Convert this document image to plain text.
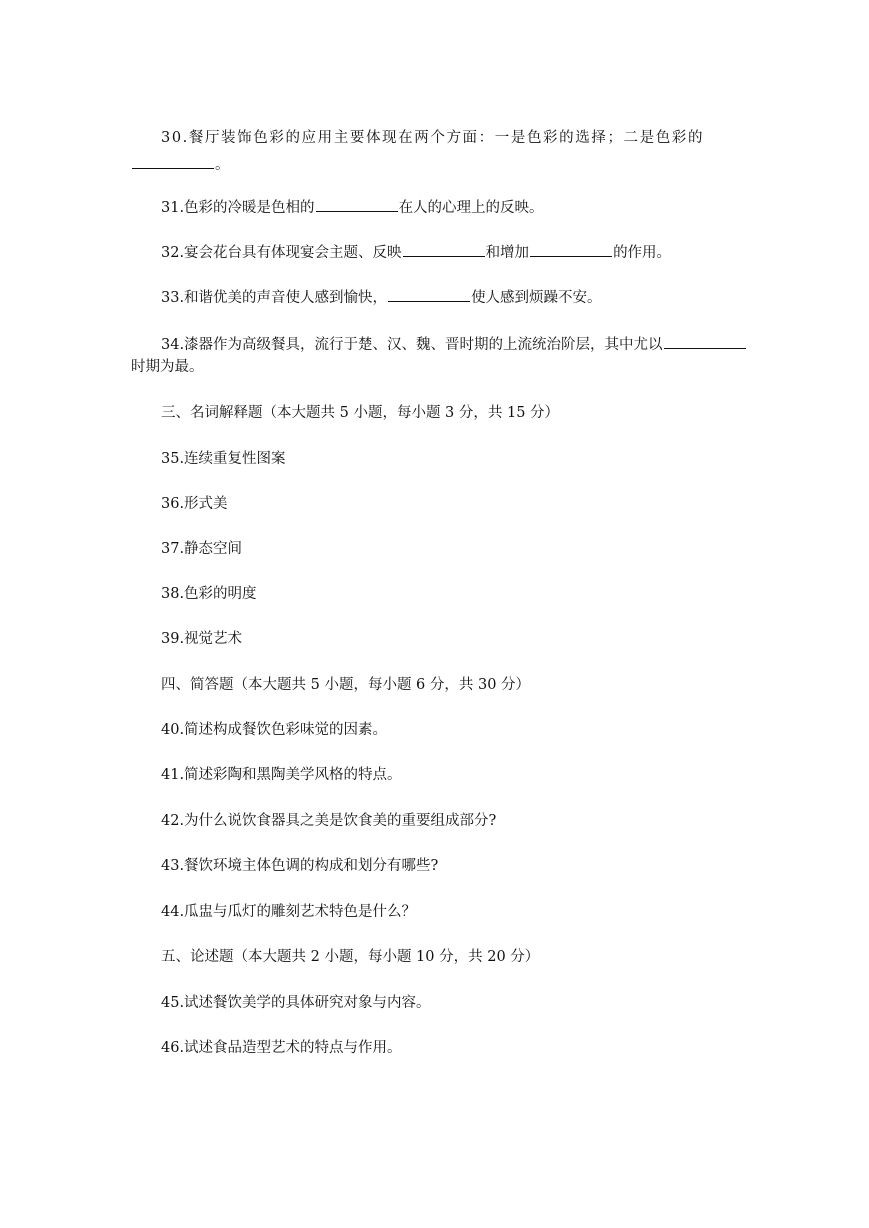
30.餐厅装饰色彩的应用主要体现在两个方面：一是色彩的选择；二是色彩的
。
31.色彩的冷暖是色相的	在人的心理上的反映。
32.宴会花台具有体现宴会主题、反映	和增加	的作用。
33.和谐优美的声音使人感到愉快，	使人感到烦躁不安。
34.漆器作为高级餐具，流行于楚、汉、魏、晋时期的上流统治阶层，其中尤以
时期为最。
三、名词解释题（本大题共 5 小题，每小题 3 分，共 15 分）
35.连续重复性图案
36.形式美
37.静态空间
38.色彩的明度
39.视觉艺术
四、简答题（本大题共 5 小题，每小题 6 分，共 30 分）
40.简述构成餐饮色彩味觉的因素。
41.简述彩陶和黑陶美学风格的特点。
42.为什么说饮食器具之美是饮食美的重要组成部分?
43.餐饮环境主体色调的构成和划分有哪些?
44.瓜盅与瓜灯的雕刻艺术特色是什么？
五、论述题（本大题共 2 小题，每小题 10 分，共 20 分）
45.试述餐饮美学的具体研究对象与内容。
46.试述食品造型艺术的特点与作用。
